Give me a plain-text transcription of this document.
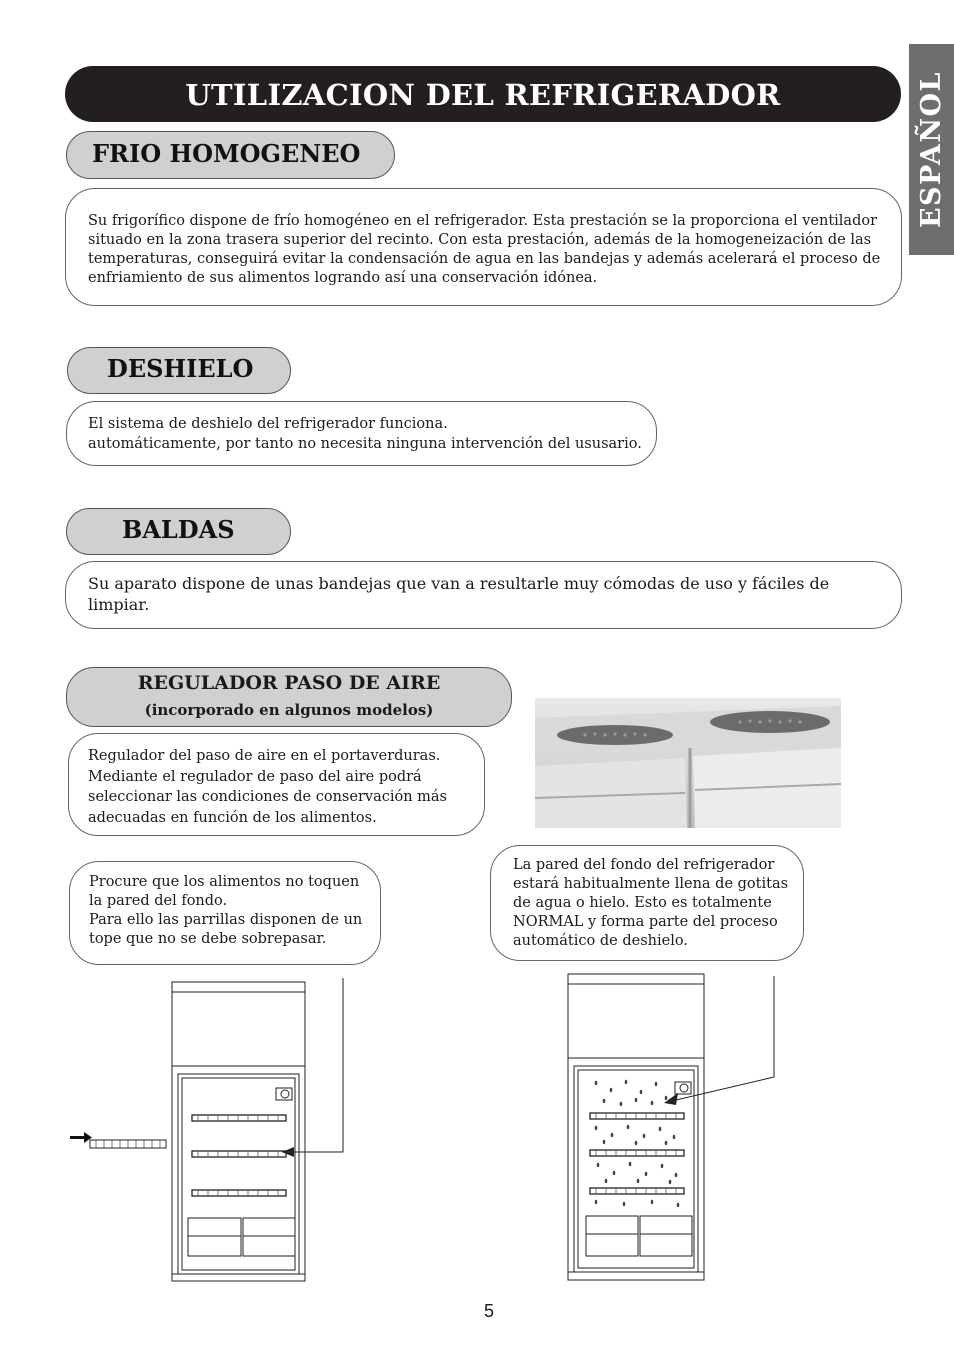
UTILIZACION DEL REFRIGERADOR	ESPAÑOL
FRIO HOMOGENEO
Su frigorífico dispone de frío homogéneo en el refrigerador. Esta prestación se la proporciona el ventilador situado en la zona trasera superior del recinto. Con esta prestación, además de la homogeneización de las temperaturas, conseguirá evitar la condensación de agua en las bandejas y además acelerará el proceso de enfriamiento de sus alimentos logrando así una conservación idónea.
DESHIELO
El sistema de deshielo del refrigerador funciona.
automáticamente, por tanto no necesita ninguna intervención del ususario.
BALDAS
Su aparato dispone de unas bandejas que van a resultarle muy cómodas de uso y fáciles de limpiar.
REGULADOR PASO DE AIRE
(incorporado en algunos modelos)
Regulador del paso de aire en el portaverduras.
Mediante el regulador de paso del aire podrá
seleccionar las condiciones de conservación más
adecuadas en función de los alimentos.
Procure que los alimentos no toquen
la pared del fondo.
Para ello las parrillas disponen de un
tope que no se debe sobrepasar.
La pared del fondo del refrigerador
estará habitualmente llena de gotitas
de agua o hielo. Esto es totalmente
NORMAL y forma parte del proceso
automático de deshielo.
5
